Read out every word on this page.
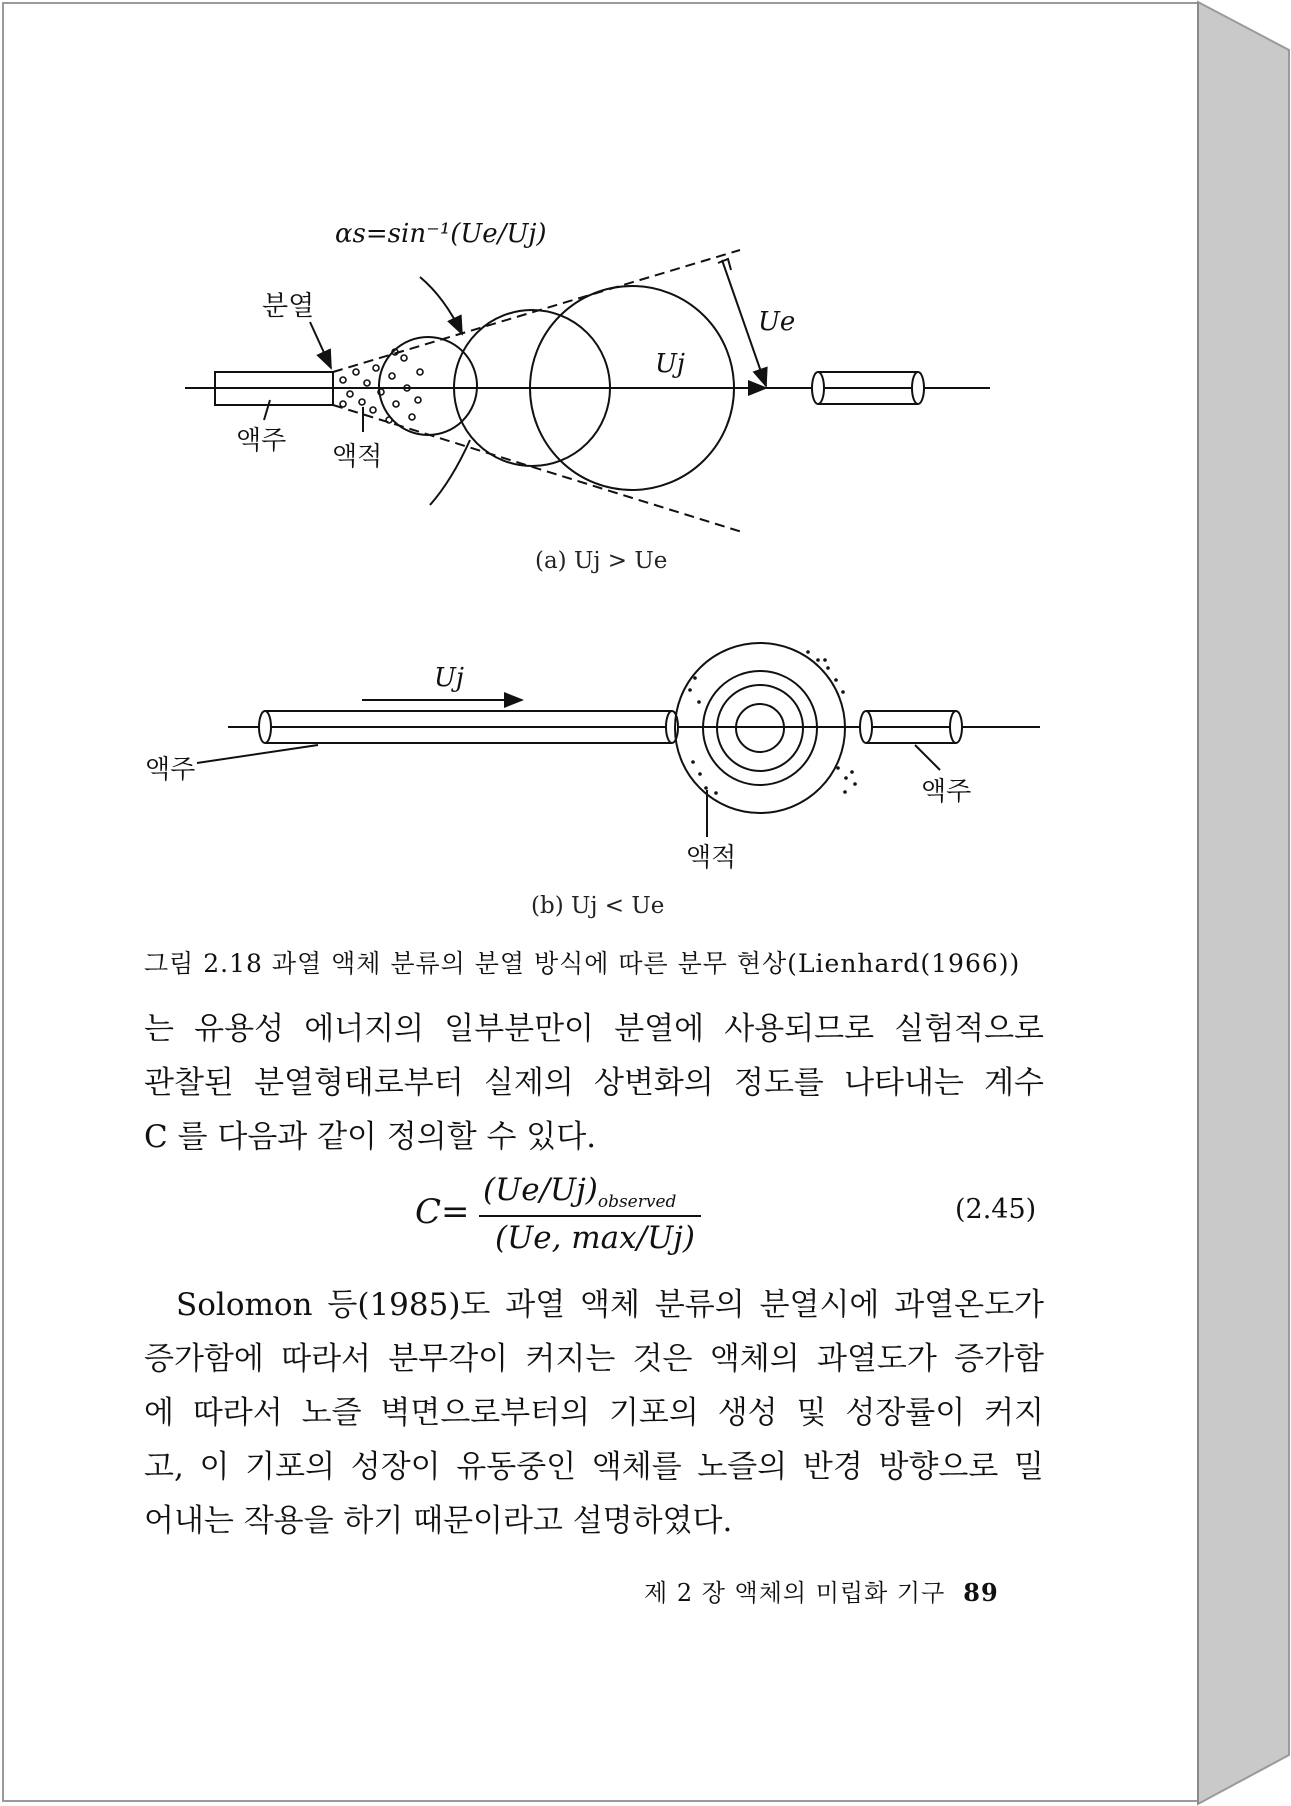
αs=sin⁻¹(Ue/Uj)
분열
액주
액적
Uj
Ue
Uj
액주
액주
액적
(a) Uj > Ue
(b) Uj < Ue
그림 2.18 과열 액체 분류의 분열 방식에 따른 분무 현상(Lienhard(1966))
는 유용성 에너지의 일부분만이 분열에 사용되므로 실험적으로
관찰된 분열형태로부터 실제의 상변화의 정도를 나타내는 계수
C 를 다음과 같이 정의할 수 있다.
C=
$(Ue/Uj)_{observed}$
(Ue, max/Uj)
(2.45)
Solomon 등(1985)도 과열 액체 분류의 분열시에 과열온도가
증가함에 따라서 분무각이 커지는 것은 액체의 과열도가 증가함
에 따라서 노즐 벽면으로부터의 기포의 생성 및 성장률이 커지
고, 이 기포의 성장이 유동중인 액체를 노즐의 반경 방향으로 밀
어내는 작용을 하기 때문이라고 설명하였다.
제 2 장 액체의 미립화 기구 89
